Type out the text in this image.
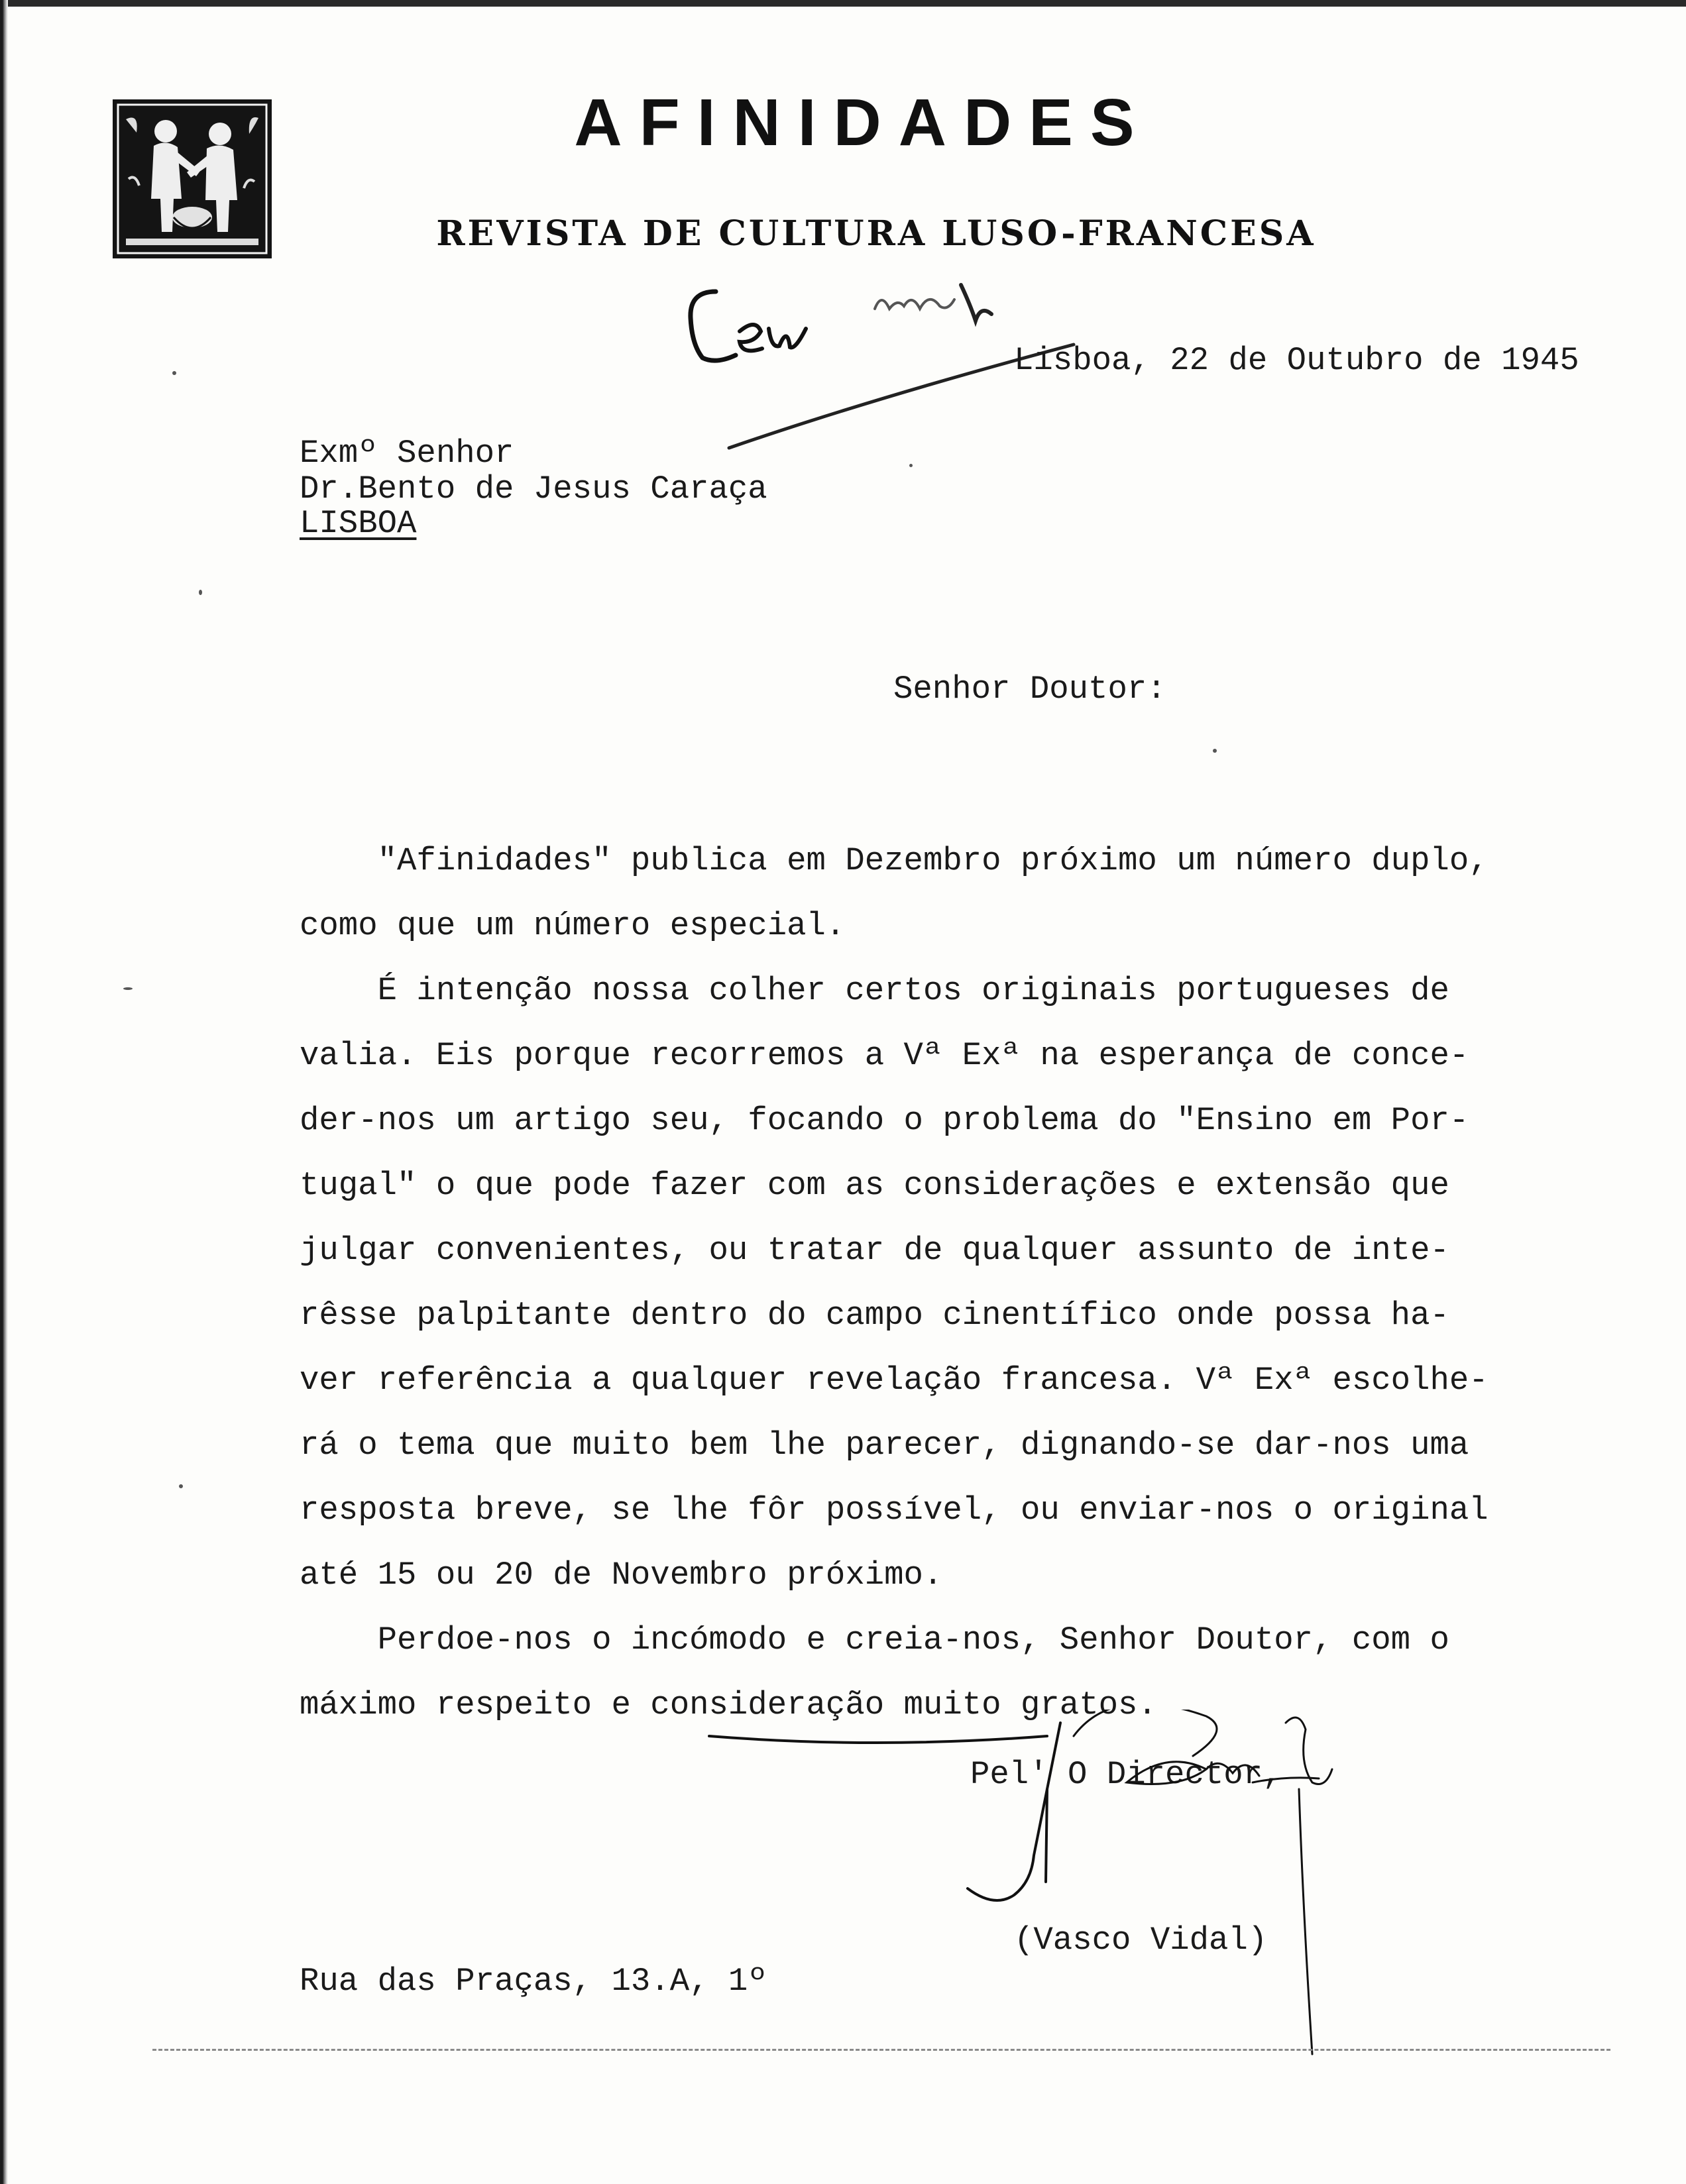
AFINIDADES
REVISTA DE CULTURA LUSO-FRANCESA
Lisboa, 22 de Outubro de 1945
Exmº Senhor
Dr.Bento de Jesus Caraça
LISBOA
Senhor Doutor:
"Afinidades" publica em Dezembro próximo um número duplo,
como que um número especial.
É intenção nossa colher certos originais portugueses de
valia. Eis porque recorremos a Vª Exª na esperança de conce-
der-nos um artigo seu, focando o problema do "Ensino em Por-
tugal" o que pode fazer com as considerações e extensão que
julgar convenientes, ou tratar de qualquer assunto de inte-
rêsse palpitante dentro do campo cinentífico onde possa ha-
ver referência a qualquer revelação francesa. Vª Exª escolhe-
rá o tema que muito bem lhe parecer, dignando-se dar-nos uma
resposta breve, se lhe fôr possível, ou enviar-nos o original
até 15 ou 20 de Novembro próximo.
Perdoe-nos o incómodo e creia-nos, Senhor Doutor, com o
máximo respeito e consideração muito gratos.
Pel' O Director,
(Vasco Vidal)
Rua das Praças, 13.A, 1º
